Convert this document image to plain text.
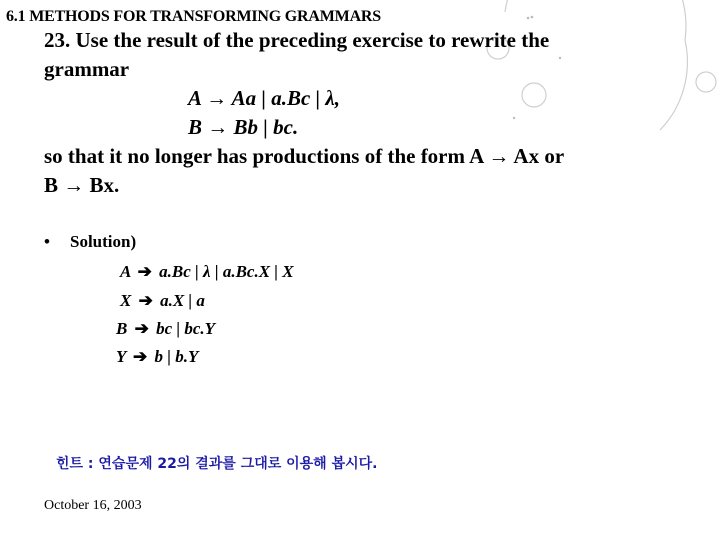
6.1 METHODS FOR TRANSFORMING GRAMMARS

23. Use the result of the preceding exercise to rewrite the

grammar

A → Aa | a.Bc | λ,

B → Bb | bc.

so that it no longer has productions of the form A → Ax or

B → Bx.

• Solution)
A ➔ a.Bc | λ | a.Bc.X | X
X ➔ a.X | a
B ➔ bc | bc.Y
Y ➔ b | b.Y
힌트 : 연습문제 22의 결과를 그대로 이용해 봅시다.
October 16, 2003
